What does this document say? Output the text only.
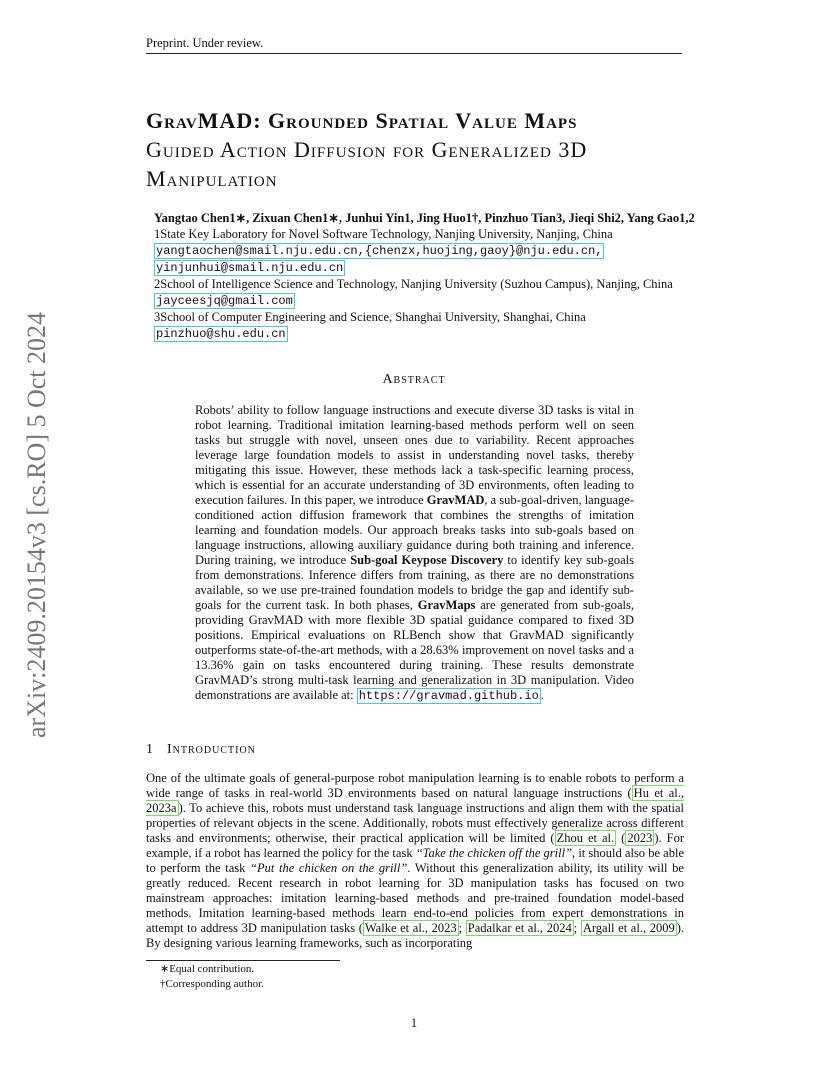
Preprint. Under review.
arXiv:2409.20154v3 [cs.RO] 5 Oct 2024
GravMAD: Grounded Spatial Value Maps
Guided Action Diffusion for Generalized 3D
Manipulation
Yangtao Chen1∗, Zixuan Chen1∗, Junhui Yin1, Jing Huo1†, Pinzhuo Tian3, Jieqi Shi2, Yang Gao1,2
1State Key Laboratory for Novel Software Technology, Nanjing University, Nanjing, China
yangtaochen@smail.nju.edu.cn,{chenzx,huojing,gaoy}@nju.edu.cn,
yinjunhui@smail.nju.edu.cn
2School of Intelligence Science and Technology, Nanjing University (Suzhou Campus), Nanjing, China
jayceesjq@gmail.com
3School of Computer Engineering and Science, Shanghai University, Shanghai, China
pinzhuo@shu.edu.cn
Abstract
Robots’ ability to follow language instructions and execute diverse 3D tasks is vital in robot learning. Traditional imitation learning-based methods perform well on seen tasks but struggle with novel, unseen ones due to variability. Recent approaches leverage large foundation models to assist in understanding novel tasks, thereby mitigating this issue. However, these methods lack a task-specific learning process, which is essential for an accurate understanding of 3D environments, often leading to execution failures. In this paper, we introduce GravMAD, a sub-goal-driven, language-conditioned action diffusion framework that combines the strengths of imitation learning and foundation models. Our approach breaks tasks into sub-goals based on language instructions, allowing auxiliary guidance during both training and inference. During training, we introduce Sub-goal Keypose Discovery to identify key sub-goals from demonstrations. Inference differs from training, as there are no demonstrations available, so we use pre-trained foundation models to bridge the gap and identify sub-goals for the current task. In both phases, GravMaps are generated from sub-goals, providing GravMAD with more flexible 3D spatial guidance compared to fixed 3D positions. Empirical evaluations on RLBench show that GravMAD significantly outperforms state-of-the-art methods, with a 28.63% improvement on novel tasks and a 13.36% gain on tasks encountered during training. These results demonstrate GravMAD’s strong multi-task learning and generalization in 3D manipulation. Video demonstrations are available at: https://gravmad.github.io .
1 Introduction
One of the ultimate goals of general-purpose robot manipulation learning is to enable robots to perform a wide range of tasks in real-world 3D environments based on natural language instructions ( Hu et al., 2023a ). To achieve this, robots must understand task language instructions and align them with the spatial properties of relevant objects in the scene. Additionally, robots must effectively generalize across different tasks and environments; otherwise, their practical application will be limited ( Zhou et al. ( 2023 ). For example, if a robot has learned the policy for the task “Take the chicken off the grill”, it should also be able to perform the task “Put the chicken on the grill”. Without this generalization ability, its utility will be greatly reduced. Recent research in robot learning for 3D manipulation tasks has focused on two mainstream approaches: imitation learning-based methods and pre-trained foundation model-based methods. Imitation learning-based methods learn end-to-end policies from expert demonstrations in attempt to address 3D manipulation tasks ( Walke et al., 2023 ; Padalkar et al., 2024 ; Argall et al., 2009 ). By designing various learning frameworks, such as incorporating
∗Equal contribution.
†Corresponding author.
1
